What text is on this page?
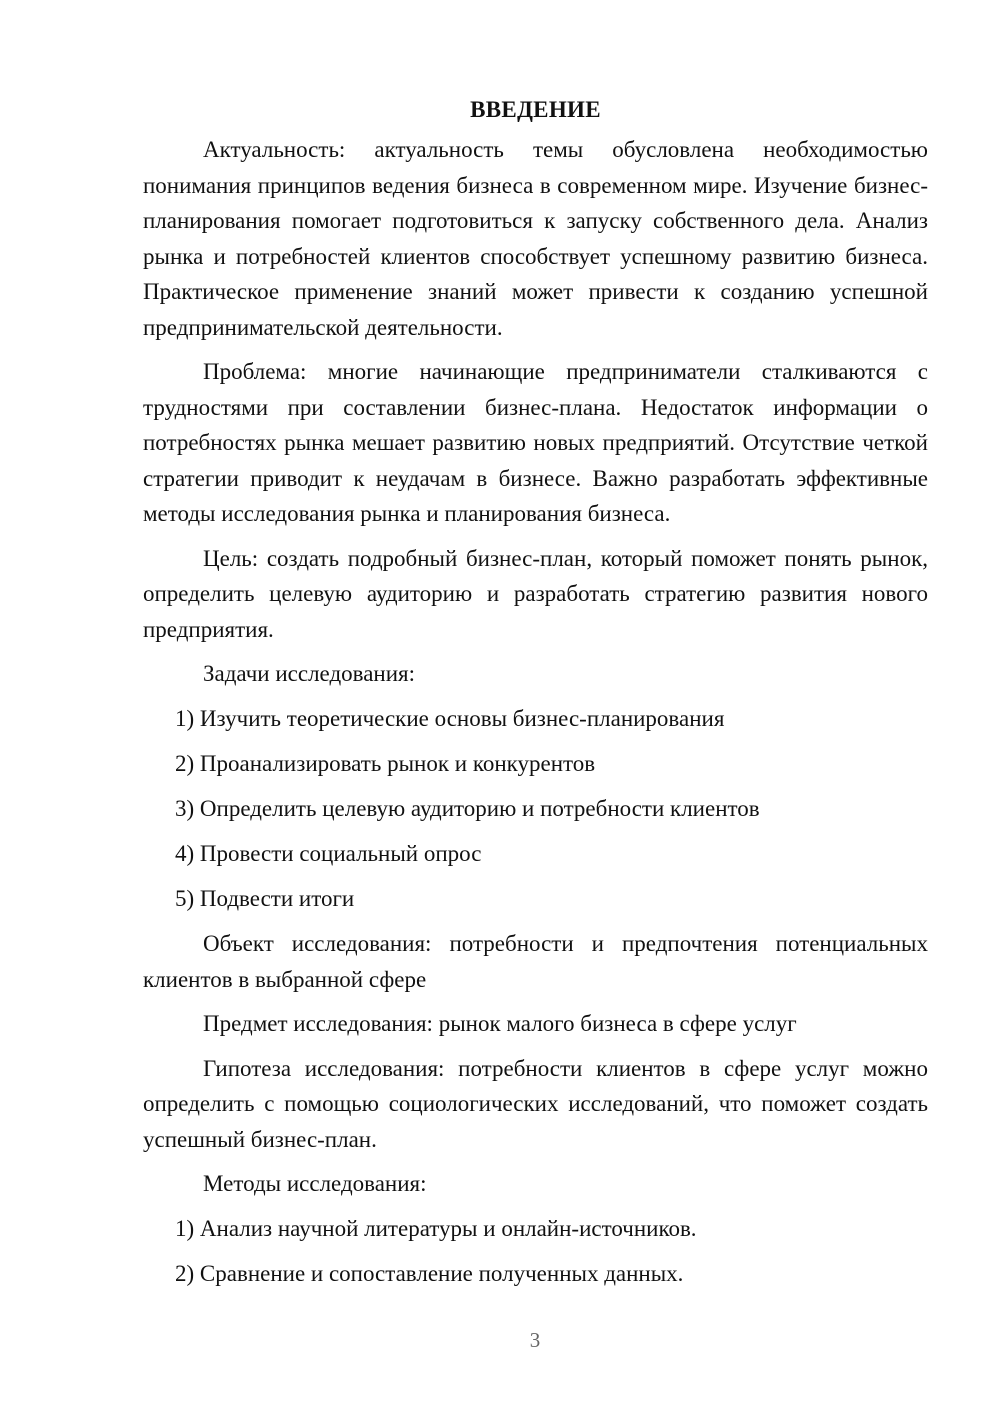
ВВЕДЕНИЕ

Актуальность: актуальность темы обусловлена необходимостью понимания принципов ведения бизнеса в современном мире. Изучение бизнес-планирования помогает подготовиться к запуску собственного дела. Анализ рынка и потребностей клиентов способствует успешному развитию бизнеса. Практическое применение знаний может привести к созданию успешной предпринимательской деятельности.

Проблема: многие начинающие предприниматели сталкиваются с трудностями при составлении бизнес-плана. Недостаток информации о потребностях рынка мешает развитию новых предприятий. Отсутствие четкой стратегии приводит к неудачам в бизнесе. Важно разработать эффективные методы исследования рынка и планирования бизнеса.

Цель: создать подробный бизнес-план, который поможет понять рынок, определить целевую аудиторию и разработать стратегию развития нового предприятия.

Задачи исследования:
1) Изучить теоретические основы бизнес-планирования
2) Проанализировать рынок и конкурентов
3) Определить целевую аудиторию и потребности клиентов
4) Провести социальный опрос
5) Подвести итоги

Объект исследования: потребности и предпочтения потенциальных клиентов в выбранной сфере

Предмет исследования: рынок малого бизнеса в сфере услуг

Гипотеза исследования: потребности клиентов в сфере услуг можно определить с помощью социологических исследований, что поможет создать успешный бизнес-план.

Методы исследования:
1) Анализ научной литературы и онлайн-источников.
2) Сравнение и сопоставление полученных данных.
3
